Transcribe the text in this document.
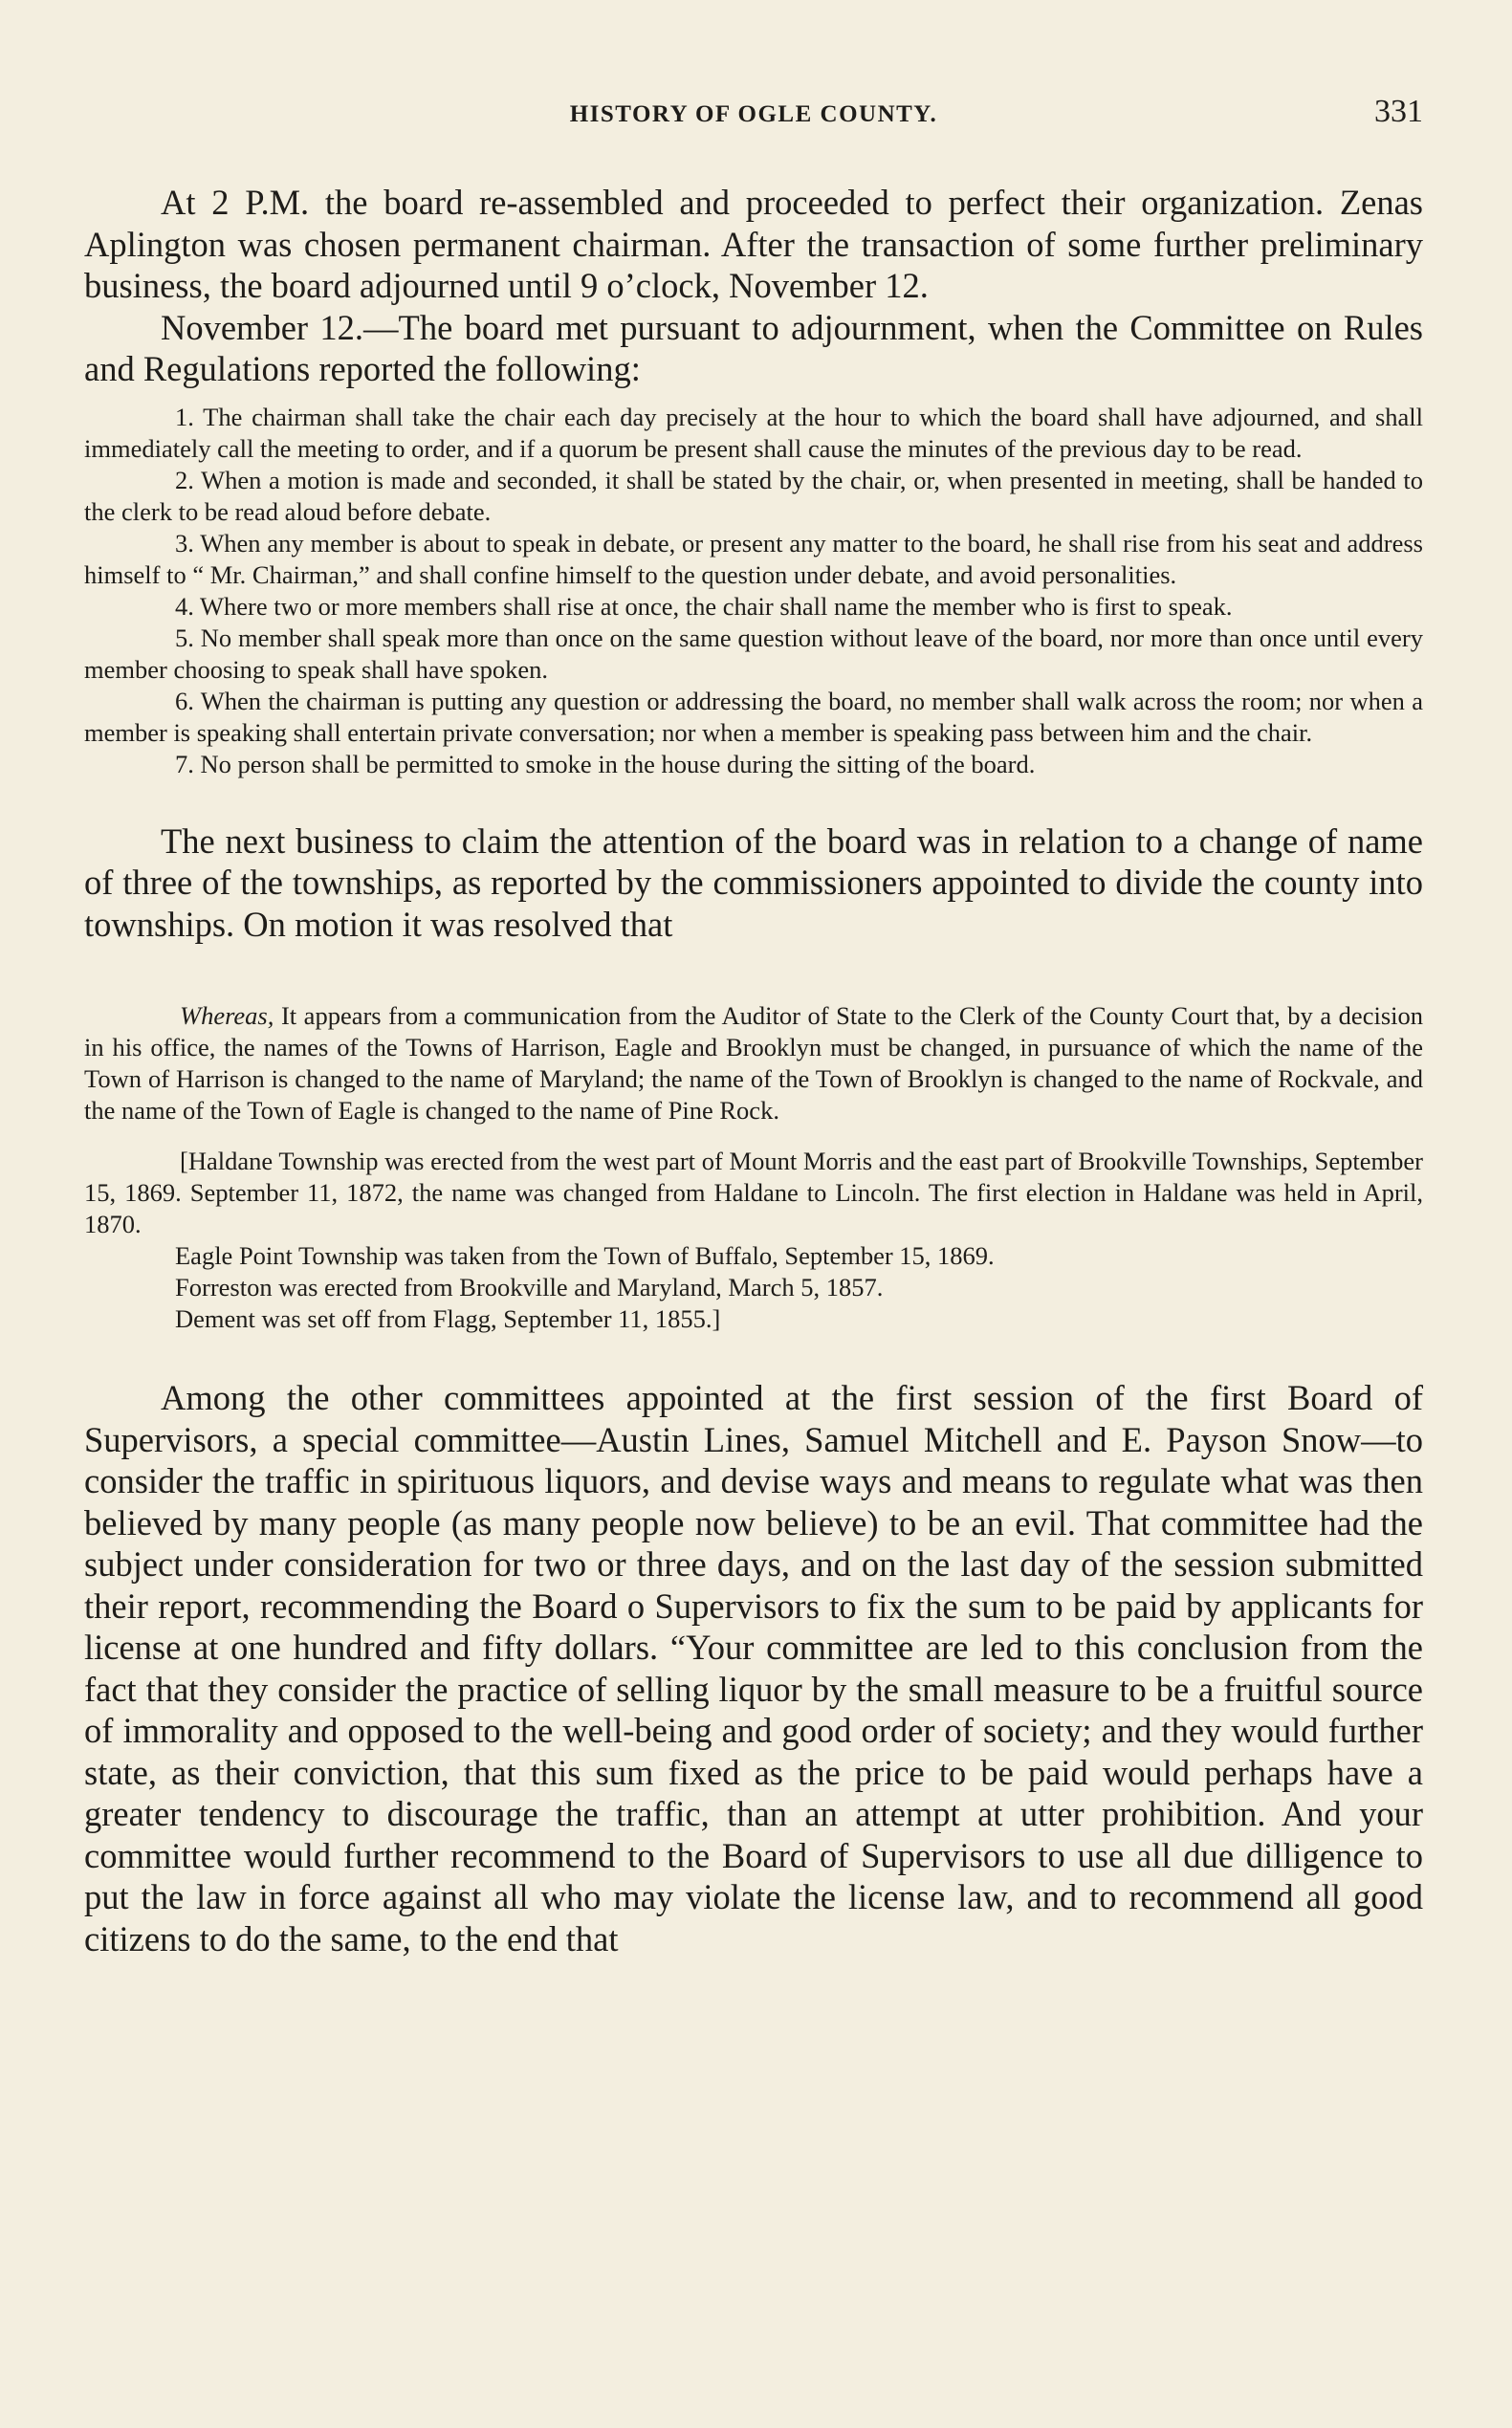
HISTORY OF OGLE COUNTY.	331

At 2 P.M. the board re-assembled and proceeded to perfect their organization. Zenas Aplington was chosen permanent chairman. After the transaction of some further preliminary business, the board adjourned until 9 o’clock, November 12.

November 12.—The board met pursuant to adjournment, when the Committee on Rules and Regulations reported the following:

1. The chairman shall take the chair each day precisely at the hour to which the board shall have adjourned, and shall immediately call the meeting to order, and if a quorum be present shall cause the minutes of the previous day to be read.

2. When a motion is made and seconded, it shall be stated by the chair, or, when presented in meeting, shall be handed to the clerk to be read aloud before debate.

3. When any member is about to speak in debate, or present any matter to the board, he shall rise from his seat and address himself to “ Mr. Chairman,” and shall confine himself to the question under debate, and avoid personalities.

4. Where two or more members shall rise at once, the chair shall name the member who is first to speak.

5. No member shall speak more than once on the same question without leave of the board, nor more than once until every member choosing to speak shall have spoken.

6. When the chairman is putting any question or addressing the board, no member shall walk across the room; nor when a member is speaking shall entertain private conversation; nor when a member is speaking pass between him and the chair.

7. No person shall be permitted to smoke in the house during the sitting of the board.

The next business to claim the attention of the board was in relation to a change of name of three of the townships, as reported by the commissioners appointed to divide the county into townships. On motion it was resolved that

Whereas, It appears from a communication from the Auditor of State to the Clerk of the County Court that, by a decision in his office, the names of the Towns of Harrison, Eagle and Brooklyn must be changed, in pursuance of which the name of the Town of Harrison is changed to the name of Maryland; the name of the Town of Brooklyn is changed to the name of Rockvale, and the name of the Town of Eagle is changed to the name of Pine Rock.

[Haldane Township was erected from the west part of Mount Morris and the east part of Brookville Townships, September 15, 1869. September 11, 1872, the name was changed from Haldane to Lincoln. The first election in Haldane was held in April, 1870.

Eagle Point Township was taken from the Town of Buffalo, September 15, 1869.
Forreston was erected from Brookville and Maryland, March 5, 1857.
Dement was set off from Flagg, September 11, 1855.]

Among the other committees appointed at the first session of the first Board of Supervisors, a special committee—Austin Lines, Samuel Mitchell and E. Payson Snow—to consider the traffic in spirituous liquors, and devise ways and means to regulate what was then believed by many people (as many people now believe) to be an evil. That committee had the subject under consideration for two or three days, and on the last day of the session submitted their report, recommending the Board o Supervisors to fix the sum to be paid by applicants for license at one hundred and fifty dollars. “Your committee are led to this conclusion from the fact that they consider the practice of selling liquor by the small measure to be a fruitful source of immorality and opposed to the well-being and good order of society; and they would further state, as their conviction, that this sum fixed as the price to be paid would perhaps have a greater tendency to discourage the traffic, than an attempt at utter prohibition. And your committee would further recommend to the Board of Supervisors to use all due dilligence to put the law in force against all who may violate the license law, and to recommend all good citizens to do the same, to the end that
